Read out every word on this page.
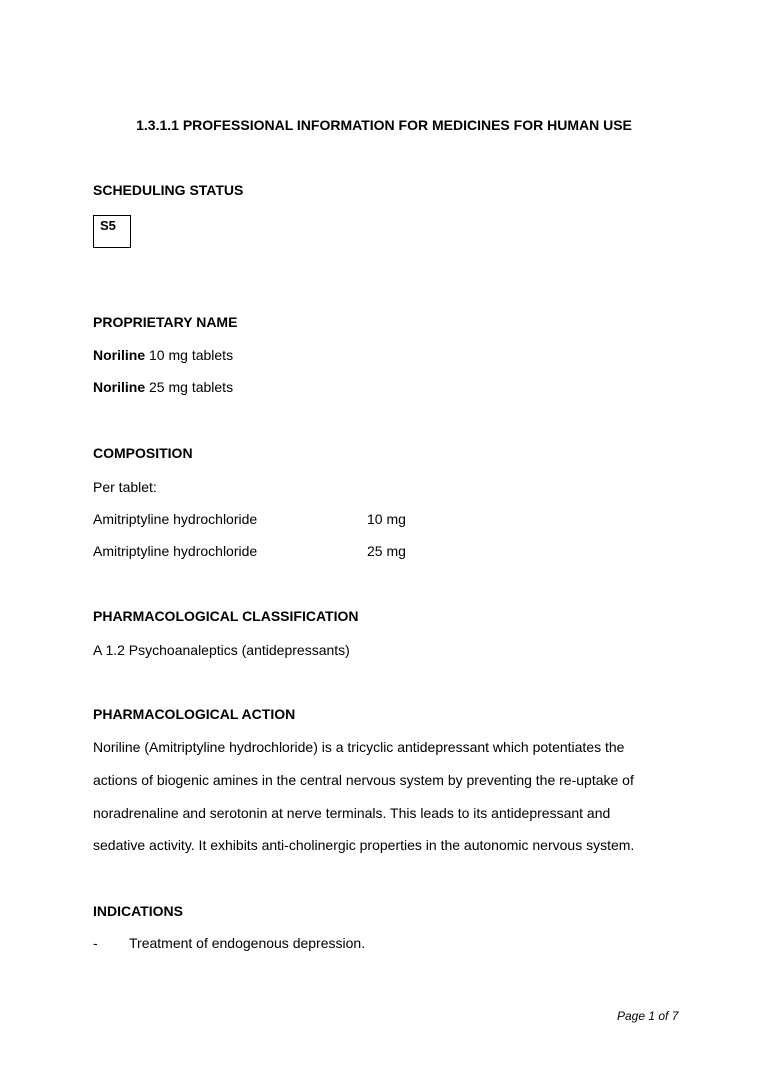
1.3.1.1 PROFESSIONAL INFORMATION FOR MEDICINES FOR HUMAN USE
SCHEDULING STATUS
S5
PROPRIETARY NAME
Noriline 10 mg tablets
Noriline 25 mg tablets
COMPOSITION
Per tablet:
Amitriptyline hydrochloride	10 mg
Amitriptyline hydrochloride	25 mg
PHARMACOLOGICAL CLASSIFICATION
A 1.2 Psychoanaleptics (antidepressants)
PHARMACOLOGICAL ACTION
Noriline (Amitriptyline hydrochloride) is a tricyclic antidepressant which potentiates the
actions of biogenic amines in the central nervous system by preventing the re-uptake of
noradrenaline and serotonin at nerve terminals. This leads to its antidepressant and
sedative activity. It exhibits anti-cholinergic properties in the autonomic nervous system.
INDICATIONS
- Treatment of endogenous depression.
Page 1 of 7
